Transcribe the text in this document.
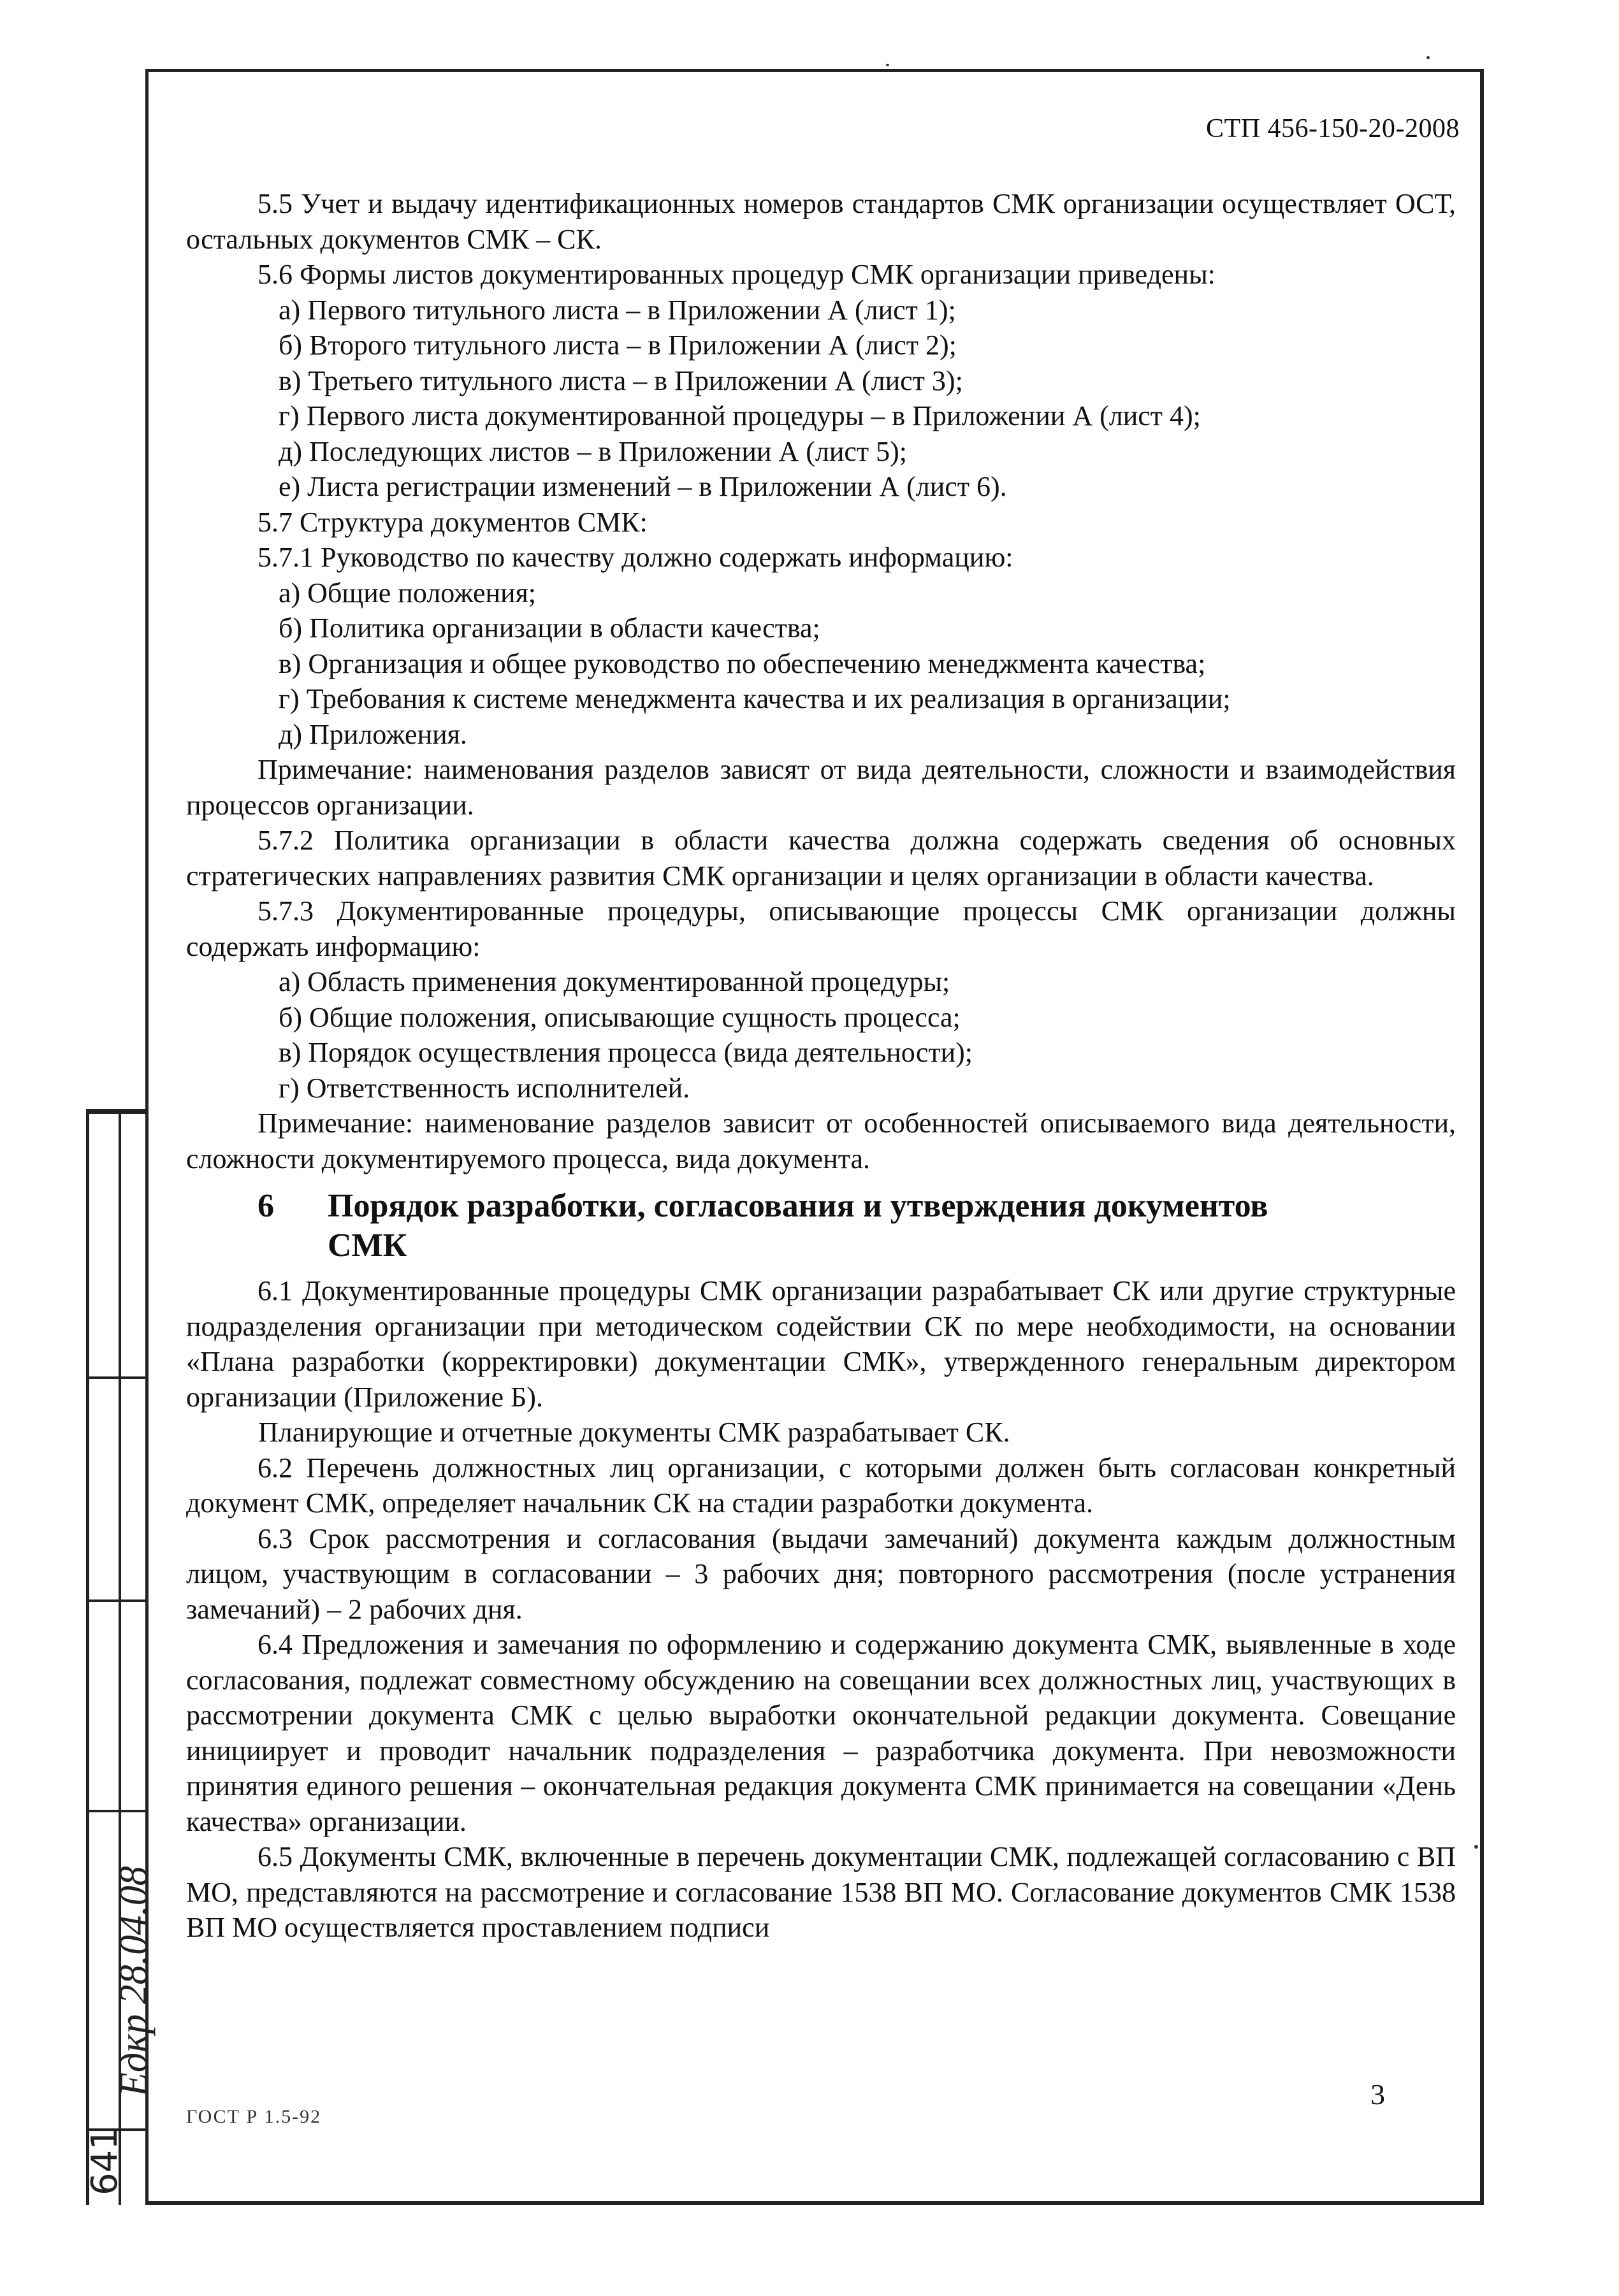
СТП 456-150-20-2008

5.5 Учет и выдачу идентификационных номеров стандартов СМК организации осуществляет ОСТ, остальных документов СМК – СК.

5.6 Формы листов документированных процедур СМК организации приведены:

а) Первого титульного листа – в Приложении А (лист 1);

б) Второго титульного листа – в Приложении А (лист 2);

в) Третьего титульного листа – в Приложении А (лист 3);

г) Первого листа документированной процедуры – в Приложении А (лист 4);

д) Последующих листов – в Приложении А (лист 5);

е) Листа регистрации изменений – в Приложении А (лист 6).

5.7 Структура документов СМК:

5.7.1 Руководство по качеству должно содержать информацию:

а) Общие положения;

б) Политика организации в области качества;

в) Организация и общее руководство по обеспечению менеджмента качества;

г) Требования к системе менеджмента качества и их реализация в организации;

д) Приложения.

Примечание: наименования разделов зависят от вида деятельности, сложности и взаимодействия процессов организации.

5.7.2 Политика организации в области качества должна содержать сведения об основных стратегических направлениях развития СМК организации и целях организации в области качества.

5.7.3 Документированные процедуры, описывающие процессы СМК организации должны содержать информацию:

а) Область применения документированной процедуры;

б) Общие положения, описывающие сущность процесса;

в) Порядок осуществления процесса (вида деятельности);

г) Ответственность исполнителей.

Примечание: наименование разделов зависит от особенностей описываемого вида деятельности, сложности документируемого процесса, вида документа.

6 Порядок разработки, согласования и утверждения документов
СМК

6.1 Документированные процедуры СМК организации разрабатывает СК или другие структурные подразделения организации при методическом содействии СК по мере необходимости, на основании «Плана разработки (корректировки) документации СМК», утвержденного генеральным директором организации (Приложение Б).

Планирующие и отчетные документы СМК разрабатывает СК.

6.2 Перечень должностных лиц организации, с которыми должен быть согласован конкретный документ СМК, определяет начальник СК на стадии разработки документа.

6.3 Срок рассмотрения и согласования (выдачи замечаний) документа каждым должностным лицом, участвующим в согласовании – 3 рабочих дня; повторного рассмотрения (после устранения замечаний) – 2 рабочих дня.

6.4 Предложения и замечания по оформлению и содержанию документа СМК, выявленные в ходе согласования, подлежат совместному обсуждению на совещании всех должностных лиц, участвующих в рассмотрении документа СМК с целью выработки окончательной редакции документа. Совещание инициирует и проводит начальник подразделения – разработчика документа. При невозможности принятия единого решения – окончательная редакция документа СМК принимается на совещании «День качества» организации.

6.5 Документы СМК, включенные в перечень документации СМК, подлежащей согласованию с ВП МО, представляются на рассмотрение и согласование 1538 ВП МО. Согласование документов СМК 1538 ВП МО осуществляется проставлением подписи

ГОСТ Р 1.5-92
3
641
Едкр 28.04.08
